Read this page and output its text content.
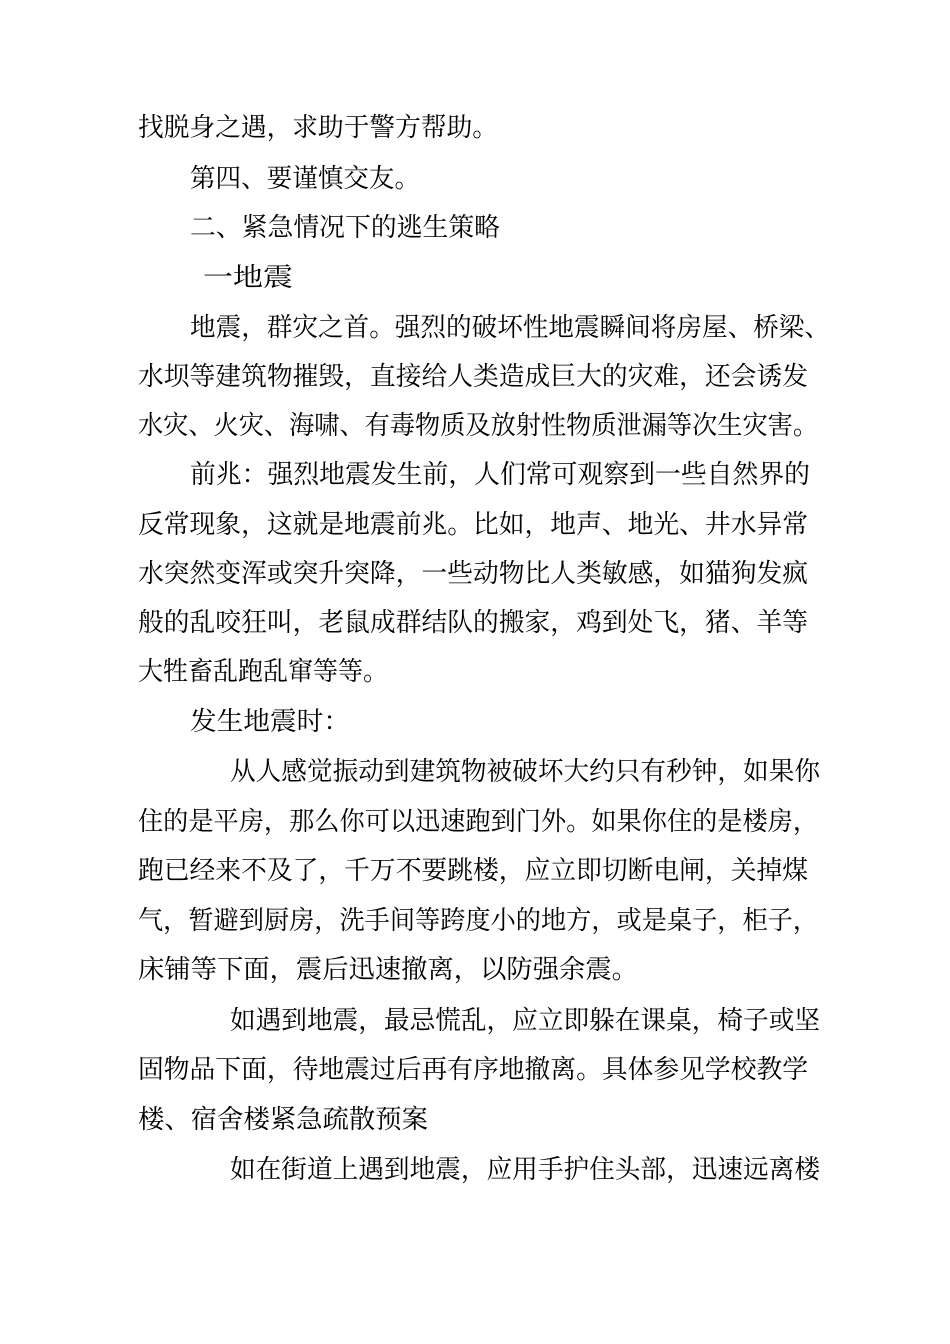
找脱身之遇，求助于警方帮助。
第四、要谨慎交友。
二、紧急情况下的逃生策略
一地震
地震，群灾之首。强烈的破坏性地震瞬间将房屋、桥梁、
水坝等建筑物摧毁，直接给人类造成巨大的灾难，还会诱发
水灾、火灾、海啸、有毒物质及放射性物质泄漏等次生灾害。
前兆：强烈地震发生前，人们常可观察到一些自然界的
反常现象，这就是地震前兆。比如，地声、地光、井水异常
水突然变浑或突升突降，一些动物比人类敏感，如猫狗发疯
般的乱咬狂叫，老鼠成群结队的搬家，鸡到处飞，猪、羊等
大牲畜乱跑乱窜等等。
发生地震时：
从人感觉振动到建筑物被破坏大约只有秒钟，如果你
住的是平房，那么你可以迅速跑到门外。如果你住的是楼房，
跑已经来不及了，千万不要跳楼，应立即切断电闸，关掉煤
气，暂避到厨房，洗手间等跨度小的地方，或是桌子，柜子，
床铺等下面，震后迅速撤离，以防强余震。
如遇到地震，最忌慌乱，应立即躲在课桌，椅子或坚
固物品下面，待地震过后再有序地撤离。具体参见学校教学
楼、宿舍楼紧急疏散预案
如在街道上遇到地震，应用手护住头部，迅速远离楼
